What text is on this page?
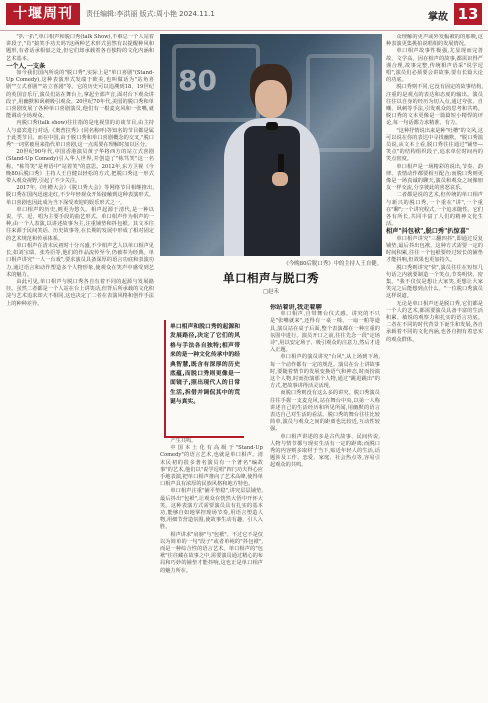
十堰周刊	责任编辑:李洪丽 版式:周小艳 2024.11.1	掌故 13

"扒一扒",单口相声和脱口秀(talk Show),不难总一个人站着讲段子,"肖"搞笑手功夫吗?这两种艺术形式虽然有以提醒种风和题形,有者话承相似之处,但它们却承载着各自独特的文化内涵和艺术基本。

一个人,一支条

如今我们国内所说的"脱口秀",实际上是"单口喜剧"(Stand-Up Comedy),这种表演形式发端于欧美,也叫做话为"站角喜剧""立式喜剧""站立喜剧"等。它的历史可以追溯到18、19世纪的英国音乐厅,演员们站在舞台上,拿起全部声音,面对台下观众讲段子,用幽默和讽刺吸引观众。20世纪70年代,美国的脱口秀和单口喜剧发展了各种单口喜剧演员,他们有一根麦克风和一张嘴,就能调动全场观众。

内脱口秀(talk show)往往指的是电视里的访谈节目,由主持人与嘉宾进行对话,《奥普拉秀》(同名称呼)等知名的节目都是属于此类节目。而在中国,由于脱口秀和单口喜剧概念的交叉,"脱口秀"一词常被用来指代单口喜剧,这一点需要在理解时加以区分。

20世纪90年代,中国香港演员黄子华将西方的站立式喜剧(Stand-Up Comedy)引入华人世界,并创造了"栋笃笑"这一名称。"栋笃笑"是粤语中"站着笑"的意思。2012年,东方卫视《今晚80后脱口秀》主持人王自健以轻松的方式,把脱口秀这一形式带入观众视野,引起了不少关注。

2017年,《吐槽大会》《脱口秀大会》等网络节目相继推出,脱口秀在国内迅速走红,不少年轻观众开始接触到这种表演形式。单口喜剧也因此成为当下深受欢迎的娱乐形式之一。

单口相声的历史,则更为悠久。相声起源于清代,是一种以说、学、逗、唱为主要手段的曲艺形式。单口相声作为相声的一种,由一个人表演,以讲述故事为主,注重铺垫和抖包袱。其文本往往来源于民间笑话、历史故事等,在长期的发展中形成了相对固定的艺术规范和传承体系。

单口相声在清末民初时十分兴盛,不少相声艺人以单口相声见长,如刘宝瑞、张寿臣等,他们的作品流传至今,仍被奉为经典。单口相声讲究"一人一台戏",要求演员具备深厚的语言功底和表演功力,通过语言和动作塑造多个人物形象,使观众在笑声中感受到艺术的魅力。

由此可见,单口相声与脱口秀各自有着不同的起源与发展路径。虽然二者都是一个人站在台上讲笑话,但背后所承载的文化积淀与艺术追求却大不相同,这也决定了二者在表演风格和创作手法上的种种差异。

80
《今晚80后脱口秀》中的主持人王自健。
单口相声与脱口秀
□赵禾
单口相声和脱口秀的起源和发展路径,决定了它们的风格与手法各自独特;相声带来的是一种文化传承中的经典智慧,既含有深厚的历史底蕴,而脱口秀则更像是一面镜子,照出现代人的日常生活,拆借并调侃其中的荒诞与真实。

产生共鸣。

中国本土化有高级于"Stand-Up Comedy"的语言艺术,也就是单口相声。清末民初的很多著名演员有一个著名"编故事"的艺术,他们以"说学逗唱"四门功夫得心应手地表演,把单口相声推向了艺术高峰,使得单口相声具有浓厚的民族风格和地方特色。

单口相声注重"铺平垫稳",讲究层层铺垫,最后抖出"包袱",让观众在恍然大悟中开怀大笑。这种表演方式需要演员具有扎实的基本功,能够自如地掌控现场节奏,用语言塑造人物,用细节营造氛围,使故事生动有趣、引人入胜。

相声讲求"肩膀"与"包袱"。不过它不是仅以为简单的一句"段子"或者单纯的"抖包袱",而是一种综合性的语言艺术。单口相声的"包袱"往往藏在故事之中,需要演员通过精心的布局和巧妙的铺垫才能抖响,这也正是单口相声的魅力所在。

你站着讲,我走着聊

单口相声,自带舞台仪式感。讲究的不只是"张嘴就来",还得有一桌一椅、一扇一帕等道具,演员站在桌子后面,整个表演都在一种庄重的氛围中进行。演员开口之前,往往先念一段"定场诗",用以安定场子、吸引观众的注意力,然后才进入正题。

单口相声的演员讲究"台风",从上场到下场,每一个动作都有一定的规范。演员在台上讲故事时,要随着情节的发展变换语气和神态,时而扮演这个人物,时而扮演那个人物,通过"跳进跳出"的方式,把故事讲得活灵活现。

而脱口秀则没有这么多的讲究。脱口秀演员往往手握一支麦克风,站在舞台中央,以第一人称讲述自己的生活经历和所见所闻,用幽默的语言表达自己对生活的看法。脱口秀的舞台往往比较简单,演员与观众之间的距离也比较近,互动性较强。

单口相声讲述的多是古代故事、民间传说,人物与情节都与现实生活有一定的距离;而脱口秀的内容则多取材于当下,贴近年轻人的生活,话题涉及工作、恋爱、家庭、社会热点等,容易引起观众的共鸣。

众理解的更声或外发幅被的的那映,这种表演更集挑拍说唱相的发展情况。

单口相声故事性极强,尤显现而完善故、文学高。因在相声的故事,都需识得严谨合理,故事完整,传统相声语采"说学逗唱",演员们必须要会讲故事,要有长篇大论的功底。

脱口秀则不同,它没有固定的故事结构,注重的是观点的表达和态度的输出。演员往往以自身的经历为切入点,通过夸张、自嘲、讽刺等手法,引发观众的思考和共鸣。脱口秀的文本更像是一篇篇短小精悍的评论,每一句话都力求精准、有力。

"这种抒情说出来是种"吐槽"的文风,这可以说在你的表达中寻找幽默。"脱口秀演员说,从文本上看,脱口秀往往通过"铺垫—笑点"的结构组织段子,追求单位时间内的笑点密度。

单口相声是一场精彩的说出,节奏、韵律、表情动作都要相互配合;而脱口秀则更像是一场真诚的聊天,演员和观众之间像朋友一样交流,分享彼此的喜怒哀乐。

二者都是说的艺术,但传统的单口相声与新兴的脱口秀,一个重在"讲",一个重在"聊";一个讲究程式,一个追求随性。它们各有所长,共同丰富了人们的精神文化生活。

相声"抖包袱",脱口秀"扒惊喜"

单口相声讲究"三翻四抖",即通过反复铺垫,最后抖出包袱。这种方式需要一定的时间积累,往往一个包袱要经过较长的铺垫才能抖响,但效果也更加持久。

脱口秀则讲究"快",演员往往在短短几句话之内就要制造一个笑点,节奏明快、密集。"我不仅仅是想让大家笑,更想让大家笑完之后能想到点什么。"一位脱口秀演员这样说道。

无论是单口相声还是脱口秀,它们都是一个人的艺术,都需要演员具备丰富的生活积累、敏锐的观察力和扎实的语言功底。二者在不同的时代背景下诞生和发展,各自承载着不同的文化内涵,也各自拥有着忠实的观众群体。
